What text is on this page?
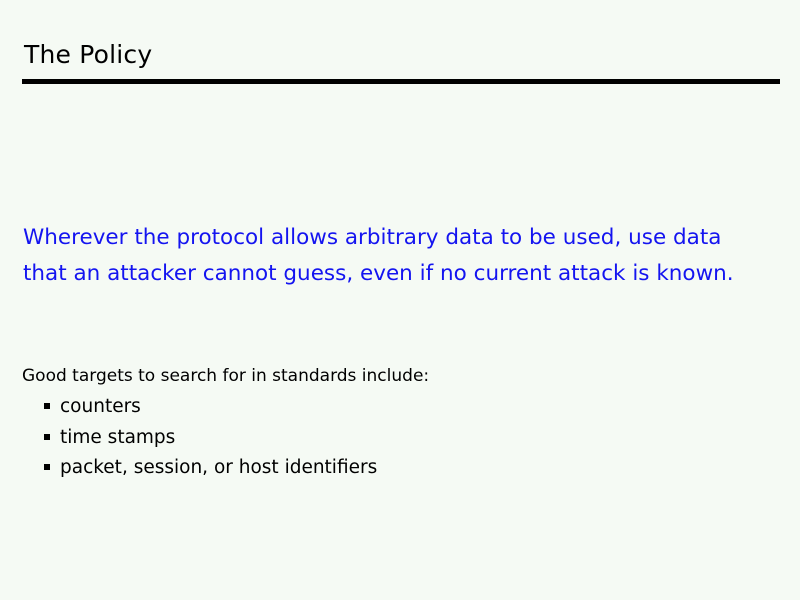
The Policy
Wherever the protocol allows arbitrary data to be used, use data
that an attacker cannot guess, even if no current attack is known.
Good targets to search for in standards include:
counters
time stamps
packet, session, or host identifiers
